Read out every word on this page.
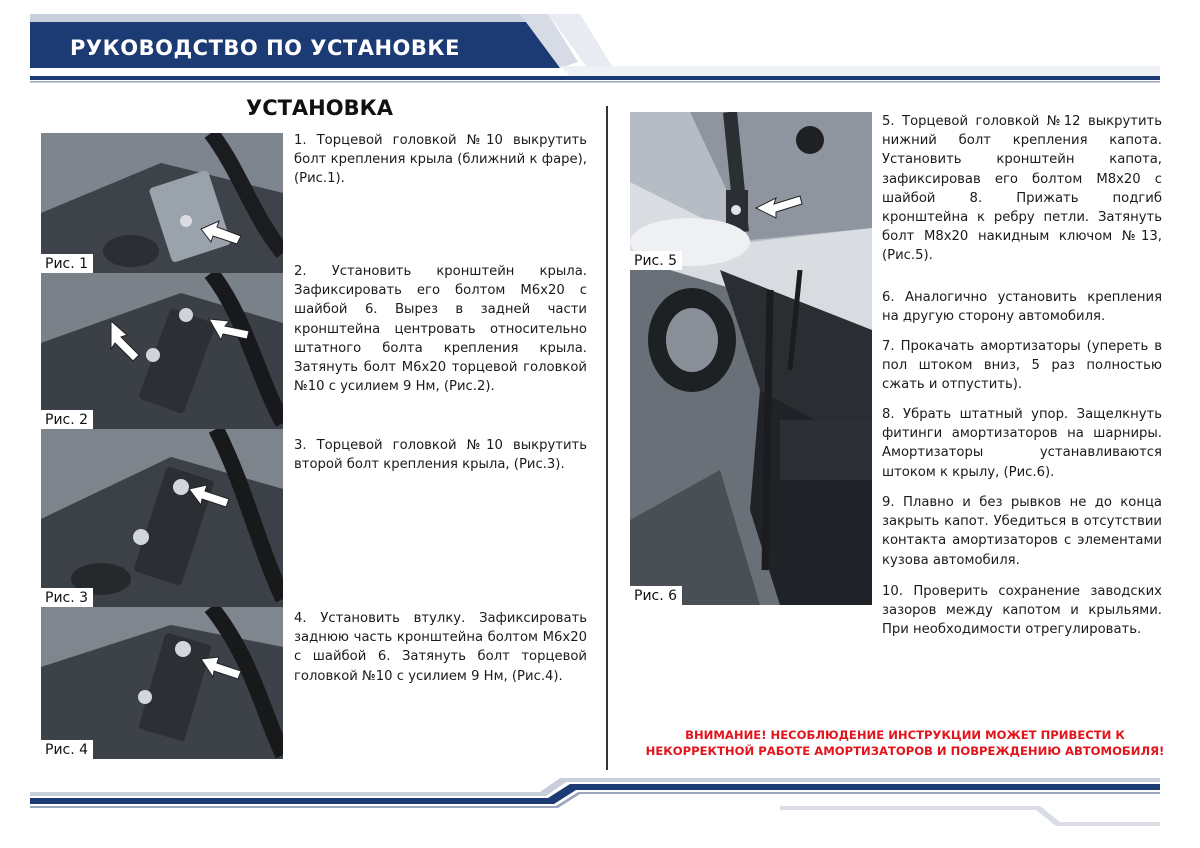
РУКОВОДСТВО ПО УСТАНОВКЕ
УСТАНОВКА
Рис. 1
Рис. 2
Рис. 3
Рис. 4
Рис. 5
Рис. 6
1. Торцевой головкой №10 выкрутить болт крепления крыла (ближний к фаре), (Рис.1).
2. Установить кронштейн крыла. Зафиксировать его болтом М6х20 с шайбой 6. Вырез в задней части кронштейна центровать относительно штатного болта крепления крыла. Затянуть болт М6х20 торцевой головкой №10 с усилием 9 Нм, (Рис.2).
3. Торцевой головкой №10 выкрутить второй болт крепления крыла, (Рис.3).
4. Установить втулку. Зафиксировать заднюю часть кронштейна болтом М6х20 с шайбой 6. Затянуть болт торцевой головкой №10 с усилием 9 Нм, (Рис.4).
5. Торцевой головкой №12 выкрутить нижний болт крепления капота. Установить кронштейн капота, зафиксировав его болтом М8х20 с шайбой 8. Прижать подгиб кронштейна к ребру петли. Затянуть болт М8х20 накидным ключом №13, (Рис.5).
6. Аналогично установить крепления на другую сторону автомобиля.
7. Прокачать амортизаторы (упереть в пол штоком вниз, 5 раз полностью сжать и отпустить).
8. Убрать штатный упор. Защелкнуть фитинги амортизаторов на шарниры. Амортизаторы устанавливаются штоком к крылу, (Рис.6).
9. Плавно и без рывков не до конца закрыть капот. Убедиться в отсутствии контакта амортизаторов с элементами кузова автомобиля.
10. Проверить сохранение заводских зазоров между капотом и крыльями. При необходимости отрегулировать.
ВНИМАНИЕ! НЕСОБЛЮДЕНИЕ ИНСТРУКЦИИ МОЖЕТ ПРИВЕСТИ К
НЕКОРРЕКТНОЙ РАБОТЕ АМОРТИЗАТОРОВ И ПОВРЕЖДЕНИЮ АВТОМОБИЛЯ!
